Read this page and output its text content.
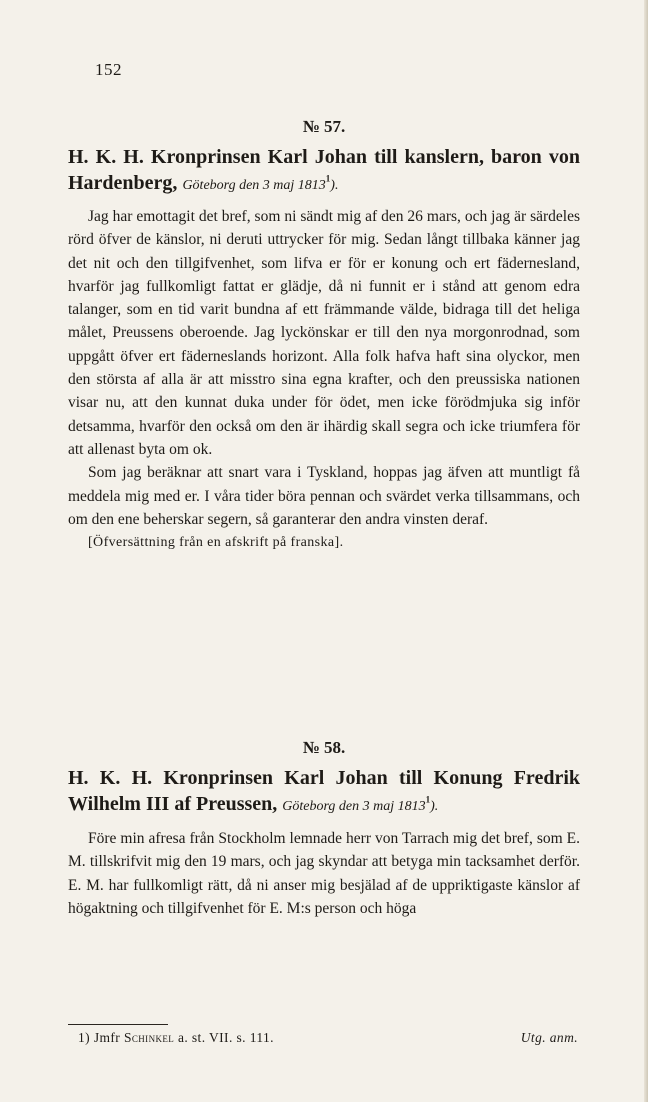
152
№ 57.
H. K. H. Kronprinsen Karl Johan till kanslern, baron von Hardenberg, Göteborg den 3 maj 1813$^1$).

Jag har emottagit det bref, som ni sändt mig af den 26 mars, och jag är särdeles rörd öfver de känslor, ni deruti uttrycker för mig. Sedan långt tillbaka känner jag det nit och den tillgifvenhet, som lifva er för er konung och ert fädernesland, hvarför jag fullkomligt fattat er glädje, då ni funnit er i stånd att genom edra talanger, som en tid varit bundna af ett främmande välde, bidraga till det heliga målet, Preussens oberoende. Jag lyckönskar er till den nya morgonrodnad, som uppgått öfver ert fäderneslands horizont. Alla folk hafva haft sina olyckor, men den största af alla är att misstro sina egna krafter, och den preussiska nationen visar nu, att den kunnat duka under för ödet, men icke förödmjuka sig inför detsamma, hvarför den också om den är ihärdig skall segra och icke triumfera för att allenast byta om ok.

Som jag beräknar att snart vara i Tyskland, hoppas jag äfven att muntligt få meddela mig med er. I våra tider böra pennan och svärdet verka tillsammans, och om den ene beherskar segern, så garanterar den andra vinsten deraf.

[Öfversättning från en afskrift på franska].

№ 58.
H. K. H. Kronprinsen Karl Johan till Konung Fredrik Wilhelm III af Preussen, Göteborg den 3 maj 1813$^1$).

Före min afresa från Stockholm lemnade herr von Tarrach mig det bref, som E. M. tillskrifvit mig den 19 mars, och jag skyndar att betyga min tacksamhet derför. E. M. har fullkomligt rätt, då ni anser mig besjälad af de uppriktigaste känslor af högaktning och tillgifvenhet för E. M:s person och höga

1) Jmfr Schinkel a. st. VII. s. 111.	Utg. anm.
